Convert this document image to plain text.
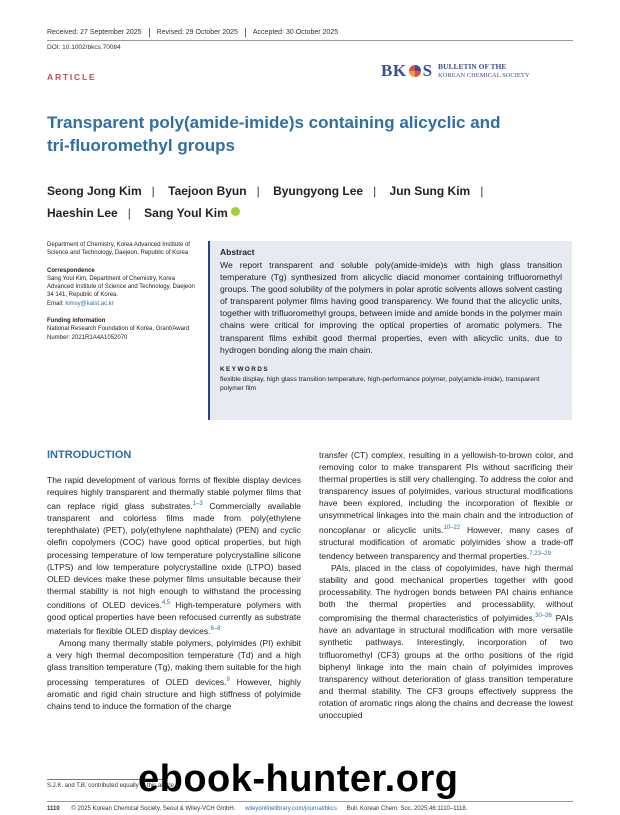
Received: 27 September 2025	Revised: 29 October 2025	Accepted: 30 October 2025
DOI: 10.1002/bkcs.70084
ARTICLE	BK S BULLETIN OF THE
KOREAN CHEMICAL SOCIETY
Transparent poly(amide-imide)s containing alicyclic and tri-fluoromethyl groups
Seong Jong Kim | Taejoon Byun | Byungyong Lee | Jun Sung Kim |
Haeshin Lee | Sang Youl Kim
Department of Chemistry, Korea Advanced Institute of Science and Technology, Daejeon, Republic of Korea
Correspondence
Sang Youl Kim, Department of Chemistry, Korea Advanced Institute of Science and Technology, Daejeon 34 141, Republic of Korea.
Email: kimsy@kaist.ac.kr
Funding information
National Research Foundation of Korea, Grant/Award Number: 2021R1A4A1052070
Abstract
We report transparent and soluble poly(amide-imide)s with high glass transition temperature (Tg) synthesized from alicyclic diacid monomer containing trifluoromethyl groups. The good solubility of the polymers in polar aprotic solvents allows solvent casting of transparent polymer films having good transparency. We found that the alicyclic units, together with trifluoromethyl groups, between imide and amide bonds in the polymer main chains were critical for improving the optical properties of aromatic polymers. The transparent films exhibit good thermal properties, even with alicyclic units, due to hydrogen bonding along the main chain.
KEYWORDS
flexible display, high glass transition temperature, high-performance polymer, poly(amide-imide), transparent polymer film
INTRODUCTION

The rapid development of various forms of flexible display devices requires highly transparent and thermally stable polymer films that can replace rigid glass substrates.$^{1-3}$ Commercially available transparent and colorless films made from poly(ethylene terephthalate) (PET), poly(ethylene naphthalate) (PEN) and cyclic olefin copolymers (COC) have good optical properties, but high processing temperature of low temperature polycrystalline silicone (LTPS) and low temperature polycrystalline oxide (LTPO) based OLED devices make these polymer films unsuitable because their thermal stability is not high enough to withstand the processing conditions of OLED devices.$^{4,5}$ High-temperature polymers with good optical properties have been refocused currently as substrate materials for flexible OLED display devices.$^{6-8}$

Among many thermally stable polymers, polyimides (PI) exhibit a very high thermal decomposition temperature (Td) and a high glass transition temperature (Tg), making them suitable for the high processing temperatures of OLED devices.$^9$ However, highly aromatic and rigid chain structure and high stiffness of polyimide chains tend to induce the formation of the charge

transfer (CT) complex, resulting in a yellowish-to-brown color, and removing color to make transparent PIs without sacrificing their thermal properties is still very challenging. To address the color and transparency issues of polyimides, various structural modifications have been explored, including the incorporation of flexible or unsymmetrical linkages into the main chain and the introduction of noncoplanar or alicyclic units.$^{10-22}$ However, many cases of structural modification of aromatic polyimides show a trade-off tendency between transparency and thermal properties.$^{7,23-29}$

PAIs, placed in the class of copolyimides, have high thermal stability and good mechanical properties together with good processability. The hydrogen bonds between PAI chains enhance both the thermal properties and processability, without compromising the thermal characteristics of polyimides.$^{30-36}$ PAIs have an advantage in structural modification with more versatile synthetic pathways. Interestingly, incorporation of two trifluoromethyl (CF3) groups at the ortho positions of the rigid biphenyl linkage into the main chain of polyimides improves transparency without deterioration of glass transition temperature and thermal stability. The CF3 groups effectively suppress the rotation of aromatic rings along the chains and decrease the lowest unoccupied

S.J.K. and T.B. contributed equally to this article.
1110 © 2025 Korean Chemical Society, Seoul & Wiley-VCH GmbH. wileyonlinelibrary.com/journal/bkcs Bull. Korean Chem. Soc. 2025;46:1110–1118.
ebook-hunter.org
